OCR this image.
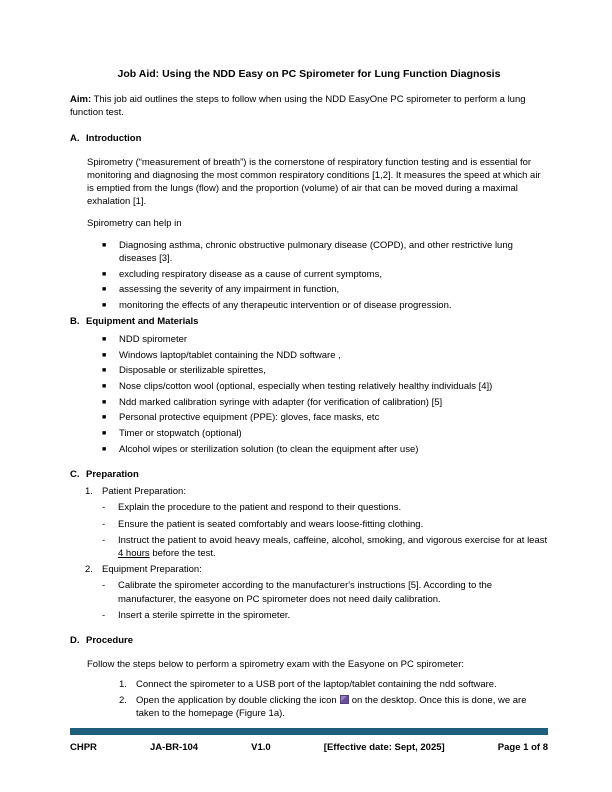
Job Aid: Using the NDD Easy on PC Spirometer for Lung Function Diagnosis
Aim: This job aid outlines the steps to follow when using the NDD EasyOne PC spirometer to perform a lung function test.
A. Introduction
Spirometry (“measurement of breath”) is the cornerstone of respiratory function testing and is essential for monitoring and diagnosing the most common respiratory conditions [1,2]. It measures the speed at which air is emptied from the lungs (flow) and the proportion (volume) of air that can be moved during a maximal exhalation [1].
Spirometry can help in
■ Diagnosing asthma, chronic obstructive pulmonary disease (COPD), and other restrictive lung diseases [3].
■ excluding respiratory disease as a cause of current symptoms,
■ assessing the severity of any impairment in function,
■ monitoring the effects of any therapeutic intervention or of disease progression.
B. Equipment and Materials
■ NDD spirometer
■ Windows laptop/tablet containing the NDD software ,
■ Disposable or sterilizable spirettes,
■ Nose clips/cotton wool (optional, especially when testing relatively healthy individuals [4])
■ Ndd marked calibration syringe with adapter (for verification of calibration) [5]
■ Personal protective equipment (PPE): gloves, face masks, etc
■ Timer or stopwatch (optional)
■ Alcohol wipes or sterilization solution (to clean the equipment after use)
C. Preparation
1. Patient Preparation:
-	Explain the procedure to the patient and respond to their questions.
-	Ensure the patient is seated comfortably and wears loose-fitting clothing.
-	Instruct the patient to avoid heavy meals, caffeine, alcohol, smoking, and vigorous exercise for at least 4 hours before the test.
2. Equipment Preparation:
-	Calibrate the spirometer according to the manufacturer's instructions [5]. According to the manufacturer, the easyone on PC spirometer does not need daily calibration.
-	Insert a sterile spirrette in the spirometer.
D. Procedure
Follow the steps below to perform a spirometry exam with the Easyone on PC spirometer:
1. Connect the spirometer to a USB port of the laptop/tablet containing the ndd software.
2. Open the application by double clicking the icon on the desktop. Once this is done, we are taken to the homepage (Figure 1a).
CHPR	JA-BR-104	V1.0	[Effective date: Sept, 2025]	Page 1 of 8
